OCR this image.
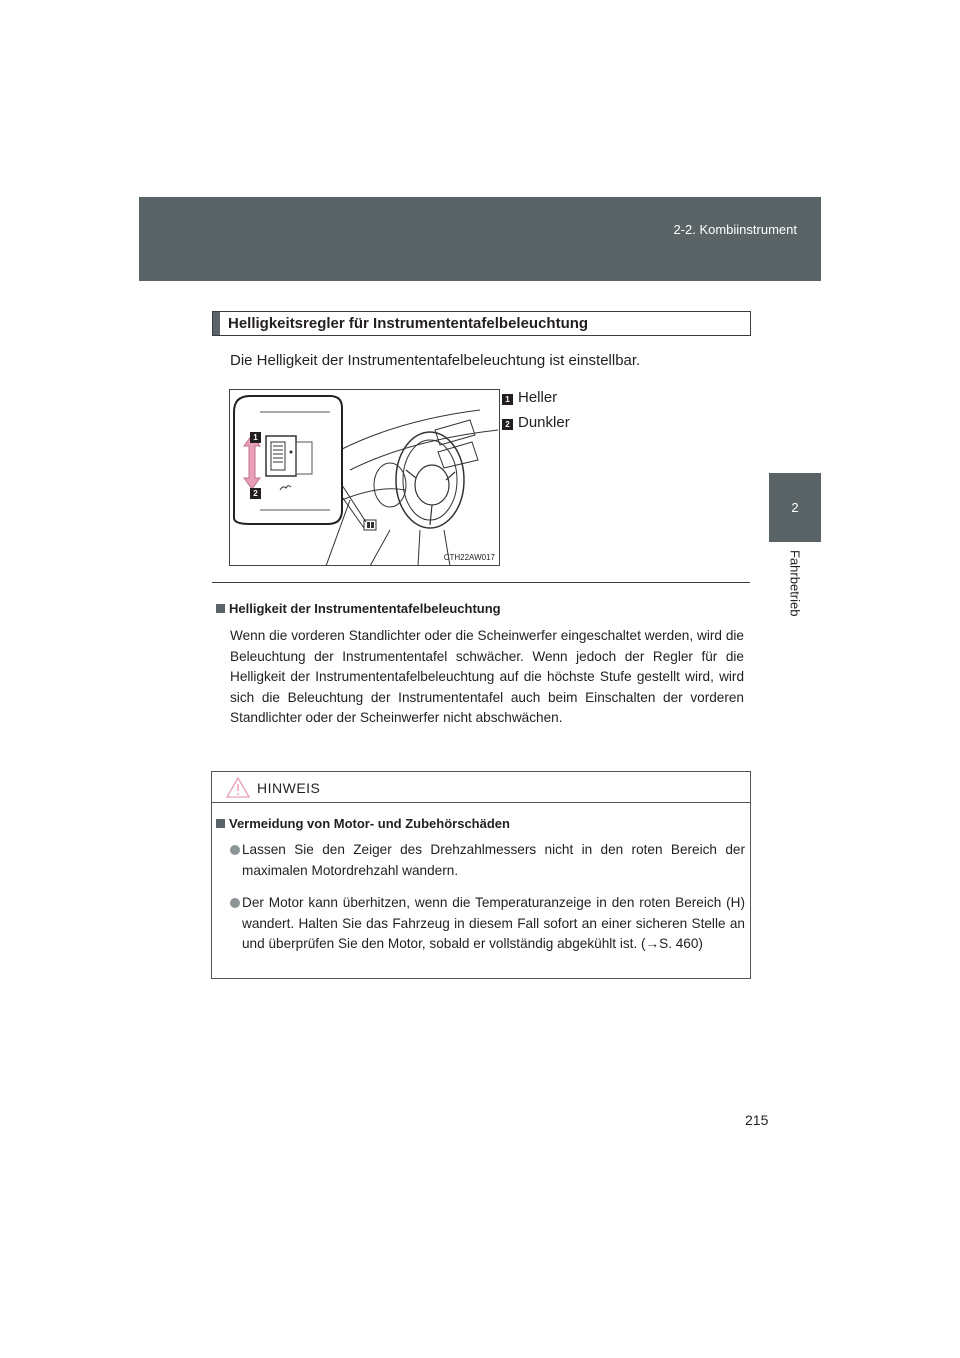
2-2. Kombiinstrument
2
Fahrbetrieb
Helligkeitsregler für Instrumententafelbeleuchtung
Die Helligkeit der Instrumententafelbeleuchtung ist einstellbar.
1
2
CTH22AW017
1 Heller
2 Dunkler
Helligkeit der Instrumententafelbeleuchtung
Wenn die vorderen Standlichter oder die Scheinwerfer eingeschaltet werden, wird die Beleuchtung der Instrumententafel schwächer. Wenn jedoch der Regler für die Helligkeit der Instrumententafelbeleuchtung auf die höchste Stufe gestellt wird, wird sich die Beleuchtung der Instrumententafel auch beim Einschalten der vorderen Standlichter oder der Scheinwerfer nicht abschwächen.
HINWEIS
Vermeidung von Motor- und Zubehörschäden
Lassen Sie den Zeiger des Drehzahlmessers nicht in den roten Bereich der maximalen Motordrehzahl wandern.
Der Motor kann überhitzen, wenn die Temperaturanzeige in den roten Bereich (H) wandert. Halten Sie das Fahrzeug in diesem Fall sofort an einer sicheren Stelle an und überprüfen Sie den Motor, sobald er vollständig abgekühlt ist. (→S. 460)
215
